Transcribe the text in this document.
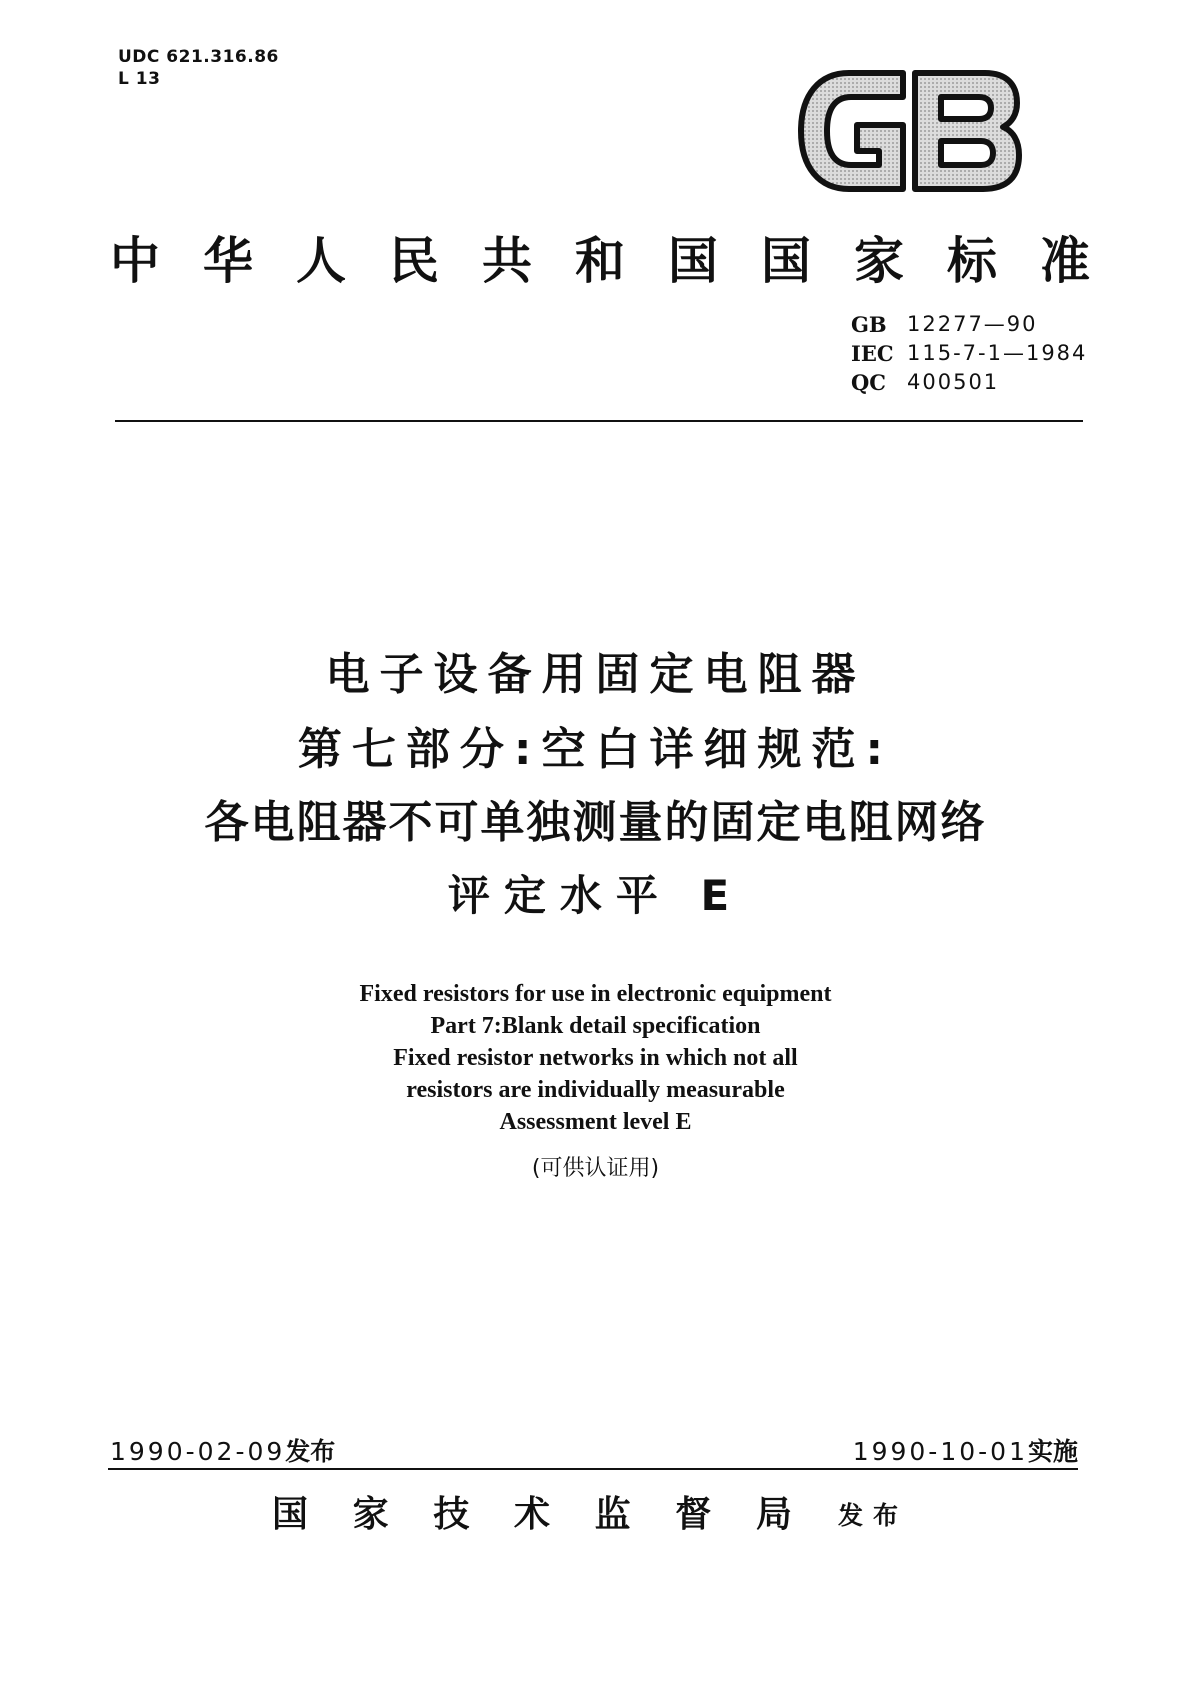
UDC 621.316.86
L 13
中 华 人 民 共 和 国 国 家 标 准
GB 12277—90
IEC 115-7-1—1984
QC 400501
电子设备用固定电阻器
第七部分:空白详细规范:
各电阻器不可单独测量的固定电阻网络
评定水平 E
Fixed resistors for use in electronic equipment
Part 7:Blank detail specification
Fixed resistor networks in which not all
resistors are individually measurable
Assessment level E
(可供认证用)
1990-02-09发布	1990-10-01实施
国 家 技 术 监 督 局 发布
